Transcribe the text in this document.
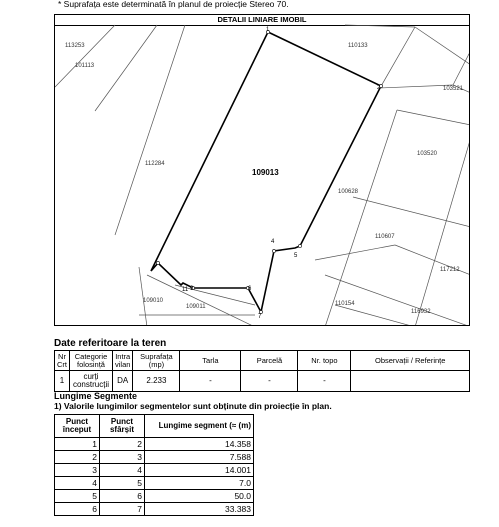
* Suprafața este determinată în planul de proiecție Stereo 70.
DETALII LINIARE IMOBIL
113253
101113
110133
103521
103520
112284
100628
110607
117212
110154
116932
109010
109011
109013
1
2
4
5
6
7
9
11
Date referitoare la teren
Nr Crt	Categorie folosință	Intra vilan	Suprafața (mp)	Tarla	Parcelă	Nr. topo	Observații / Referințe
1	curți construcții	DA	2.233	-	-	-	
Lungime Segmente
1) Valorile lungimilor segmentelor sunt obținute din proiecție în plan.
Punct început	Punct sfârșit	Lungime segment (≈ (m)
1	2	14.358
2	3	7.588
3	4	14.001
4	5	7.0
5	6	50.0
6	7	33.383
